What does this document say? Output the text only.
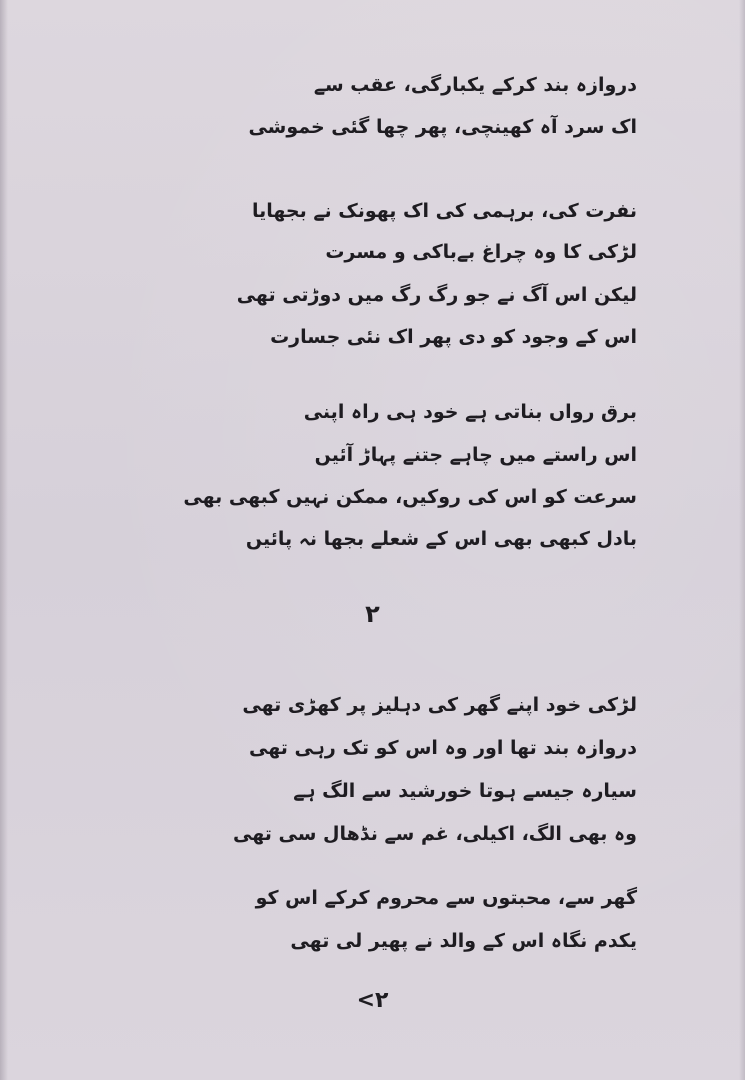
دروازہ بند کرکے یکبارگی، عقب سے
اک سرد آہ کھینچی، پھر چھا گئی خموشی
نفرت کی، برہمی کی اک پھونک نے بجھایا
لڑکی کا وہ چراغ بےباکی و مسرت
لیکن اس آگ نے جو رگ رگ میں دوڑتی تھی
اس کے وجود کو دی پھر اک نئی جسارت
برق رواں بناتی ہے خود ہی راہ اپنی
اس راستے میں چاہے جتنے پہاڑ آئیں
سرعت کو اس کی روکیں، ممکن نہیں کبھی بھی
بادل کبھی بھی اس کے شعلے بجھا نہ پائیں
۲
لڑکی خود اپنے گھر کی دہلیز پر کھڑی تھی
دروازہ بند تھا اور وہ اس کو تک رہی تھی
سیارہ جیسے ہوتا خورشید سے الگ ہے
وہ بھی الگ، اکیلی، غم سے نڈھال سی تھی
گھر سے، محبتوں سے محروم کرکے اس کو
یکدم نگاہ اس کے والد نے پھیر لی تھی
<۲
